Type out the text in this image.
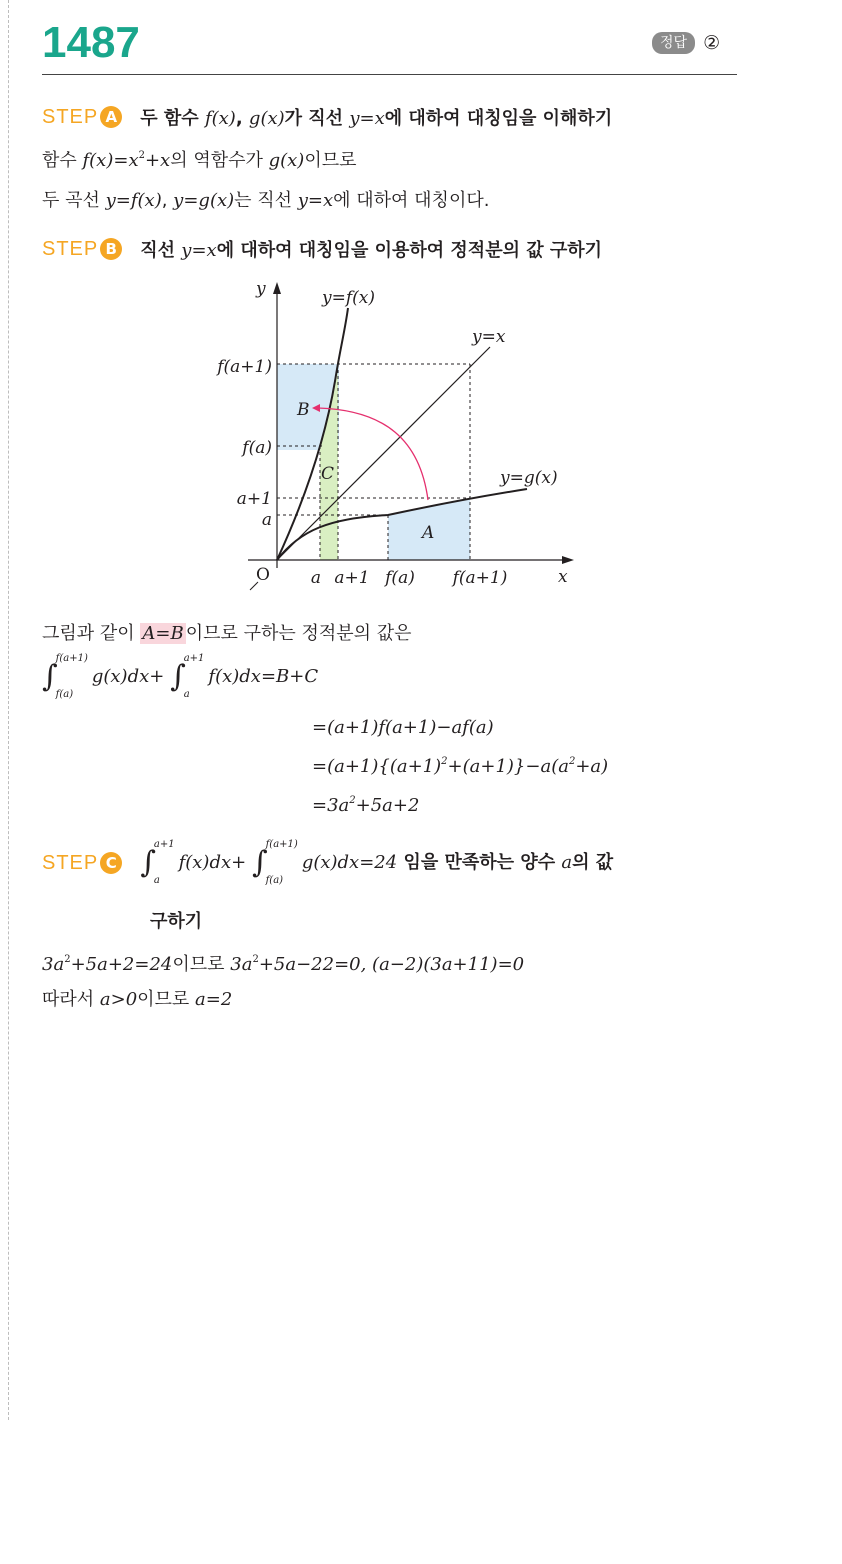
1487	정답 ②
STEP A 두 함수 f(x), g(x)가 직선 y=x에 대하여 대칭임을 이해하기
함수 $f(x)=x^2+x$의 역함수가 g(x)이므로
두 곡선 y=f(x), y=g(x)는 직선 y=x에 대하여 대칭이다.
STEP B 직선 y=x에 대하여 대칭임을 이용하여 정적분의 값 구하기
y
x
O
y=f(x)
y=x
y=g(x)
f(a+1)
f(a)
a+1
a
a a+1 f(a) f(a+1)
A
B
C
그림과 같이 A=B 이므로 구하는 정적분의 값은
∫
f(a+1)
f(a)
g(x)dx+ ∫
a+1
a
f(x)dx=B+C
=(a+1)f(a+1)−af(a)
$=(a+1)\{(a+1)^2+(a+1)\}-a(a^2+a)$
$=3a^2+5a+2$
STEP C ∫
a+1
a
f(x)dx+ ∫
f(a+1)
f(a)
g(x)dx=24 임을 만족하는 양수 a의 값
구하기
$3a^2+5a+2=24$이므로 $3a^2+5a-22=0$, (a−2)(3a+11)=0
따라서 a>0이므로 a=2
